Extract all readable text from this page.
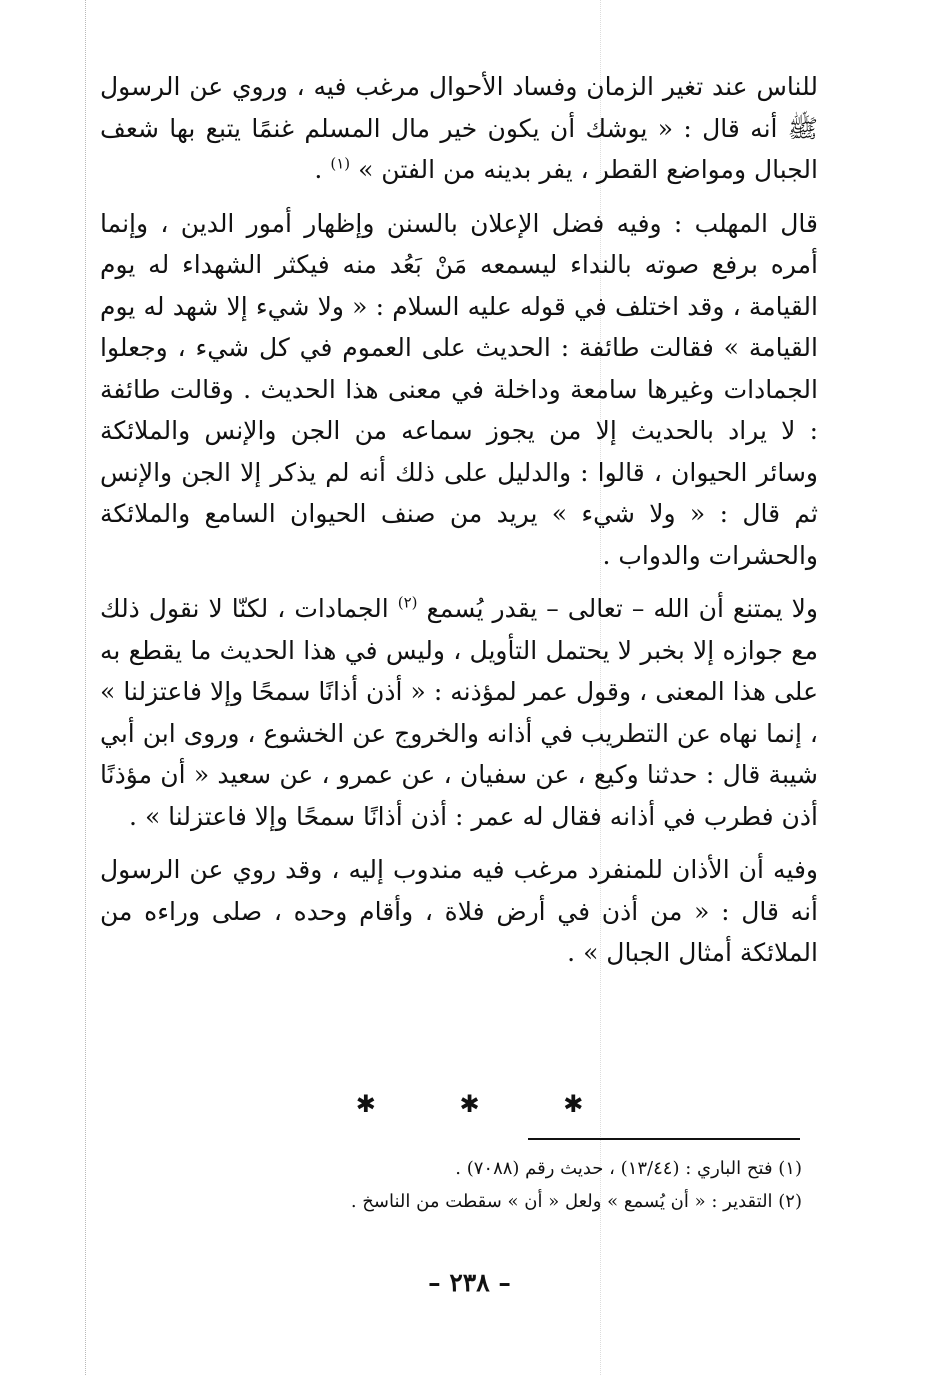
للناس عند تغير الزمان وفساد الأحوال مرغب فيه ، وروي عن الرسول ﷺ أنه قال : « يوشك أن يكون خير مال المسلم غنمًا يتبع بها شعف الجبال ومواضع القطر ، يفر بدينه من الفتن » $^{(١)}$ .

قال المهلب : وفيه فضل الإعلان بالسنن وإظهار أمور الدين ، وإنما أمره برفع صوته بالنداء ليسمعه مَنْ بَعُد منه فيكثر الشهداء له يوم القيامة ، وقد اختلف في قوله عليه السلام : « ولا شيء إلا شهد له يوم القيامة » فقالت طائفة : الحديث على العموم في كل شيء ، وجعلوا الجمادات وغيرها سامعة وداخلة في معنى هذا الحديث . وقالت طائفة : لا يراد بالحديث إلا من يجوز سماعه من الجن والإنس والملائكة وسائر الحيوان ، قالوا : والدليل على ذلك أنه لم يذكر إلا الجن والإنس ثم قال : « ولا شيء » يريد من صنف الحيوان السامع والملائكة والحشرات والدواب .

ولا يمتنع أن الله – تعالى – يقدر يُسمع $^{(٢)}$ الجمادات ، لكنّا لا نقول ذلك مع جوازه إلا بخبر لا يحتمل التأويل ، وليس في هذا الحديث ما يقطع به على هذا المعنى ، وقول عمر لمؤذنه : « أذن أذانًا سمحًا وإلا فاعتزلنا » ، إنما نهاه عن التطريب في أذانه والخروج عن الخشوع ، وروى ابن أبي شيبة قال : حدثنا وكيع ، عن سفيان ، عن عمرو ، عن سعيد « أن مؤذنًا أذن فطرب في أذانه فقال له عمر : أذن أذانًا سمحًا وإلا فاعتزلنا » .

وفيه أن الأذان للمنفرد مرغب فيه مندوب إليه ، وقد روي عن الرسول أنه قال : « من أذن في أرض فلاة ، وأقام وحده ، صلى وراءه من الملائكة أمثال الجبال » .

✱ ✱ ✱

(١) فتح الباري : (١٣/٤٤) ، حديث رقم (٧٠٨٨) .

(٢) التقدير : « أن يُسمع » ولعل « أن » سقطت من الناسخ .

– ٢٣٨ –
